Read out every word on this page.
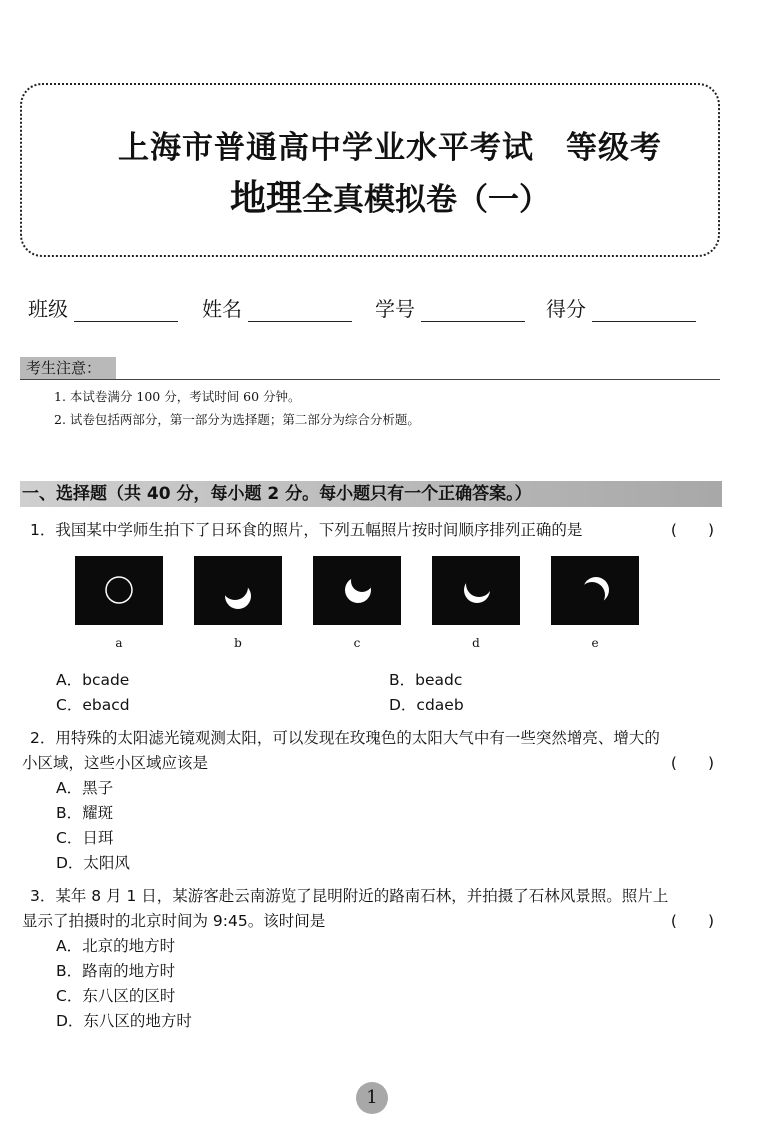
上海市普通高中学业水平考试　等级考
地理全真模拟卷（一）
班级	姓名	学号	得分
考生注意：
1. 本试卷满分 100 分，考试时间 60 分钟。
2. 试卷包括两部分，第一部分为选择题；第二部分为综合分析题。
一、选择题（共 40 分，每小题 2 分。每小题只有一个正确答案。）
1．我国某中学师生拍下了日环食的照片，下列五幅照片按时间顺序排列正确的是	(　　)
a	b	c	d	e
A．bcade	B．beadc
C．ebacd	D．cdaeb
2．用特殊的太阳滤光镜观测太阳，可以发现在玫瑰色的太阳大气中有一些突然增亮、增大的
小区域，这些小区域应该是	(　　)
A．黑子
B．耀斑
C．日珥
D．太阳风
3．某年 8 月 1 日，某游客赴云南游览了昆明附近的路南石林，并拍摄了石林风景照。照片上
显示了拍摄时的北京时间为 9:45。该时间是	(　　)
A．北京的地方时
B．路南的地方时
C．东八区的区时
D．东八区的地方时
1
